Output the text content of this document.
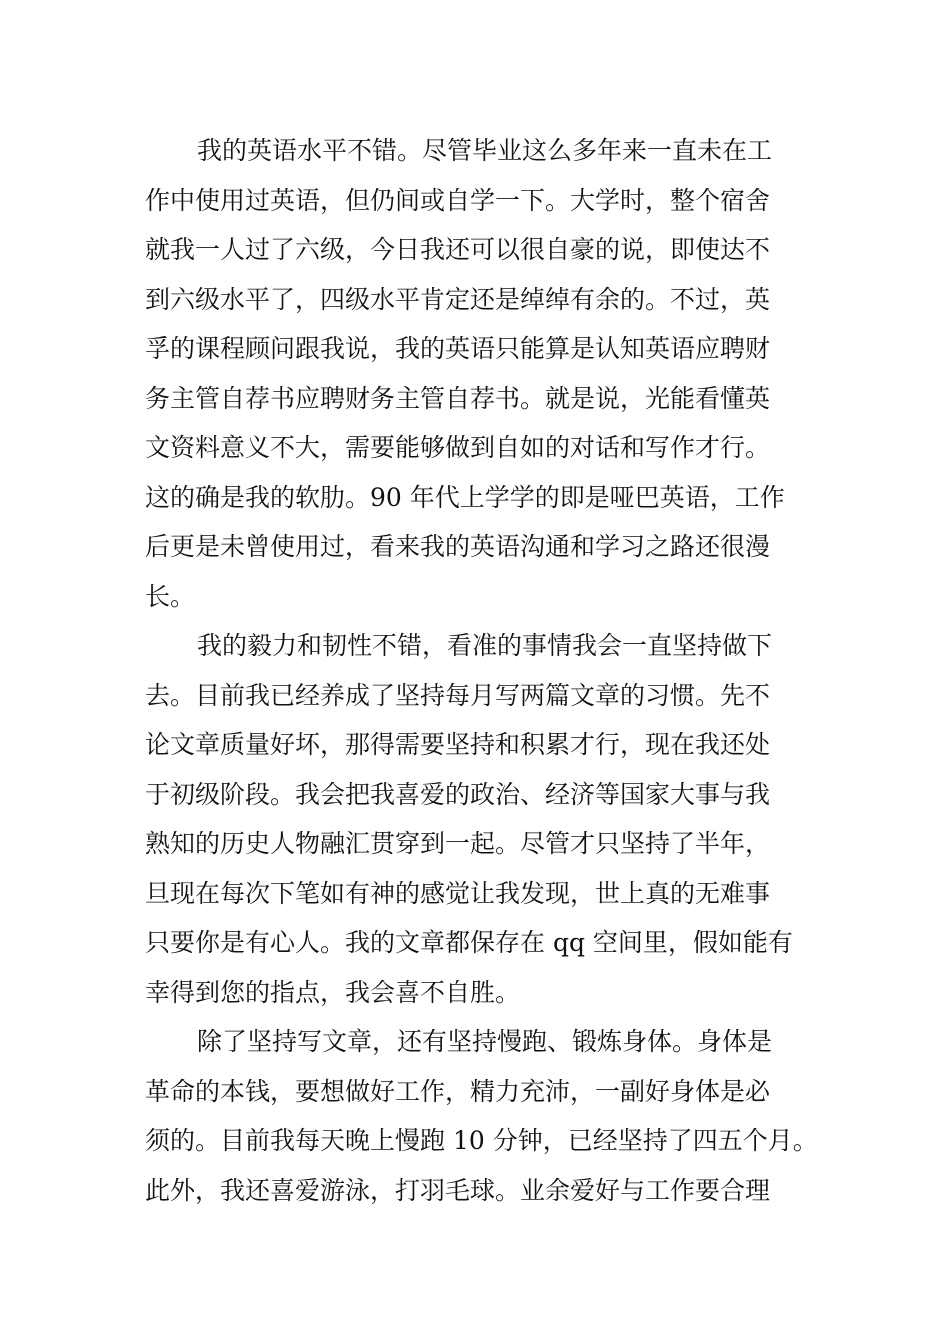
我的英语水平不错。尽管毕业这么多年来一直未在工
作中使用过英语，但仍间或自学一下。大学时，整个宿舍
就我一人过了六级，今日我还可以很自豪的说，即使达不
到六级水平了，四级水平肯定还是绰绰有余的。不过，英
孚的课程顾问跟我说，我的英语只能算是认知英语应聘财
务主管自荐书应聘财务主管自荐书。就是说，光能看懂英
文资料意义不大，需要能够做到自如的对话和写作才行。
这的确是我的软肋。90 年代上学学的即是哑巴英语，工作
后更是未曾使用过，看来我的英语沟通和学习之路还很漫
长。
我的毅力和韧性不错，看准的事情我会一直坚持做下
去。目前我已经养成了坚持每月写两篇文章的习惯。先不
论文章质量好坏，那得需要坚持和积累才行，现在我还处
于初级阶段。我会把我喜爱的政治、经济等国家大事与我
熟知的历史人物融汇贯穿到一起。尽管才只坚持了半年，
旦现在每次下笔如有神的感觉让我发现，世上真的无难事
只要你是有心人。我的文章都保存在 qq 空间里，假如能有
幸得到您的指点，我会喜不自胜。
除了坚持写文章，还有坚持慢跑、锻炼身体。身体是
革命的本钱，要想做好工作，精力充沛，一副好身体是必
须的。目前我每天晚上慢跑 10 分钟，已经坚持了四五个月。
此外，我还喜爱游泳，打羽毛球。业余爱好与工作要合理
